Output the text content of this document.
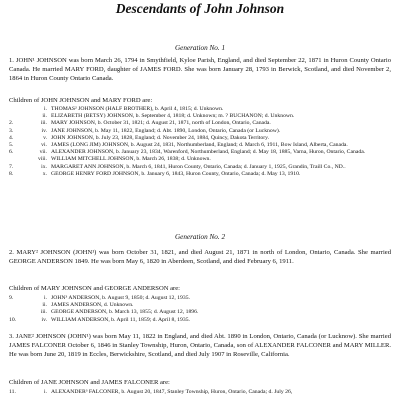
Descendants of John Johnson
Generation No. 1
1. JOHN¹ JOHNSON was born March 26, 1794 in Smythfield, Kyloe Parish, England, and died September 22, 1871 in Huron County Ontario Canada. He married MARY FORD, daughter of JAMES FORD. She was born January 28, 1793 in Berwick, Scotland, and died November 2, 1864 in Huron County Ontario Canada.
Children of JOHN JOHNSON and MARY FORD are:
i. THOMAS² JOHNSON (HALF BROTHER), b. April 4, 1815; d. Unknown.
ii. ELIZABETH (BETSY) JOHNSON, b. September 4, 1818; d. Unknown; m. ? BUCHANON; d. Unknown.
2.	iii. MARY JOHNSON, b. October 31, 1821; d. August 21, 1871, north of London, Ontario, Canada.
3.	iv. JANE JOHNSON, b. May 11, 1822, England; d. Abt. 1890, London, Ontario, Canada (or Lucknow).
4.	v. JOHN JOHNSON, b. July 23, 1828, England; d. November 24, 1884, Quincy, Dakota Territory.
5.	vi. JAMES (LONG JIM) JOHNSON, b. August 24, 1831, Northumberland, England; d. March 6, 1911, Bow Island, Alberta, Canada.
6.	vii. ALEXANDER JOHNSON, b. January 23, 1834, Warenford, Northumberland, England; d. May 18, 1885, Varna, Huron, Ontario, Canada.
viii. WILLIAM MITCHELL JOHNSON, b. March 26, 1838; d. Unknown.
7.	ix. MARGARET ANN JOHNSON, b. March 6, 1841, Huron County, Ontario, Canada; d. January 1, 1925, Grandin, Traill Co., ND..
8.	x. GEORGE HENRY FORD JOHNSON, b. January 6, 1843, Huron County, Ontario, Canada; d. May 13, 1910.
Generation No. 2
2. MARY² JOHNSON (JOHN¹) was born October 31, 1821, and died August 21, 1871 in north of London, Ontario, Canada. She married GEORGE ANDERSON 1849. He was born May 6, 1820 in Aberdeen, Scotland, and died February 6, 1911.
Children of MARY JOHNSON and GEORGE ANDERSON are:
9.	i. JOHN³ ANDERSON, b. August 9, 1850; d. August 12, 1935.
ii. JAMES ANDERSON, d. Unknown.
iii. GEORGE ANDERSON, b. March 13, 1855; d. August 12, 1896.
10.	iv. WILLIAM ANDERSON, b. April 11, 1859; d. April 8, 1935.
3. JANE² JOHNSON (JOHN¹) was born May 11, 1822 in England, and died Abt. 1890 in London, Ontario, Canada (or Lucknow). She married JAMES FALCONER October 6, 1846 in Stanley Township, Huron, Ontario, Canada, son of ALEXANDER FALCONER and MARY MILLER. He was born June 20, 1819 in Eccles, Berwickshire, Scotland, and died July 1907 in Roseville, California.
Children of JANE JOHNSON and JAMES FALCONER are:
11.	i. ALEXANDER³ FALCONER, b. August 20, 1847, Stanley Township, Huron, Ontario, Canada; d. July 26,
